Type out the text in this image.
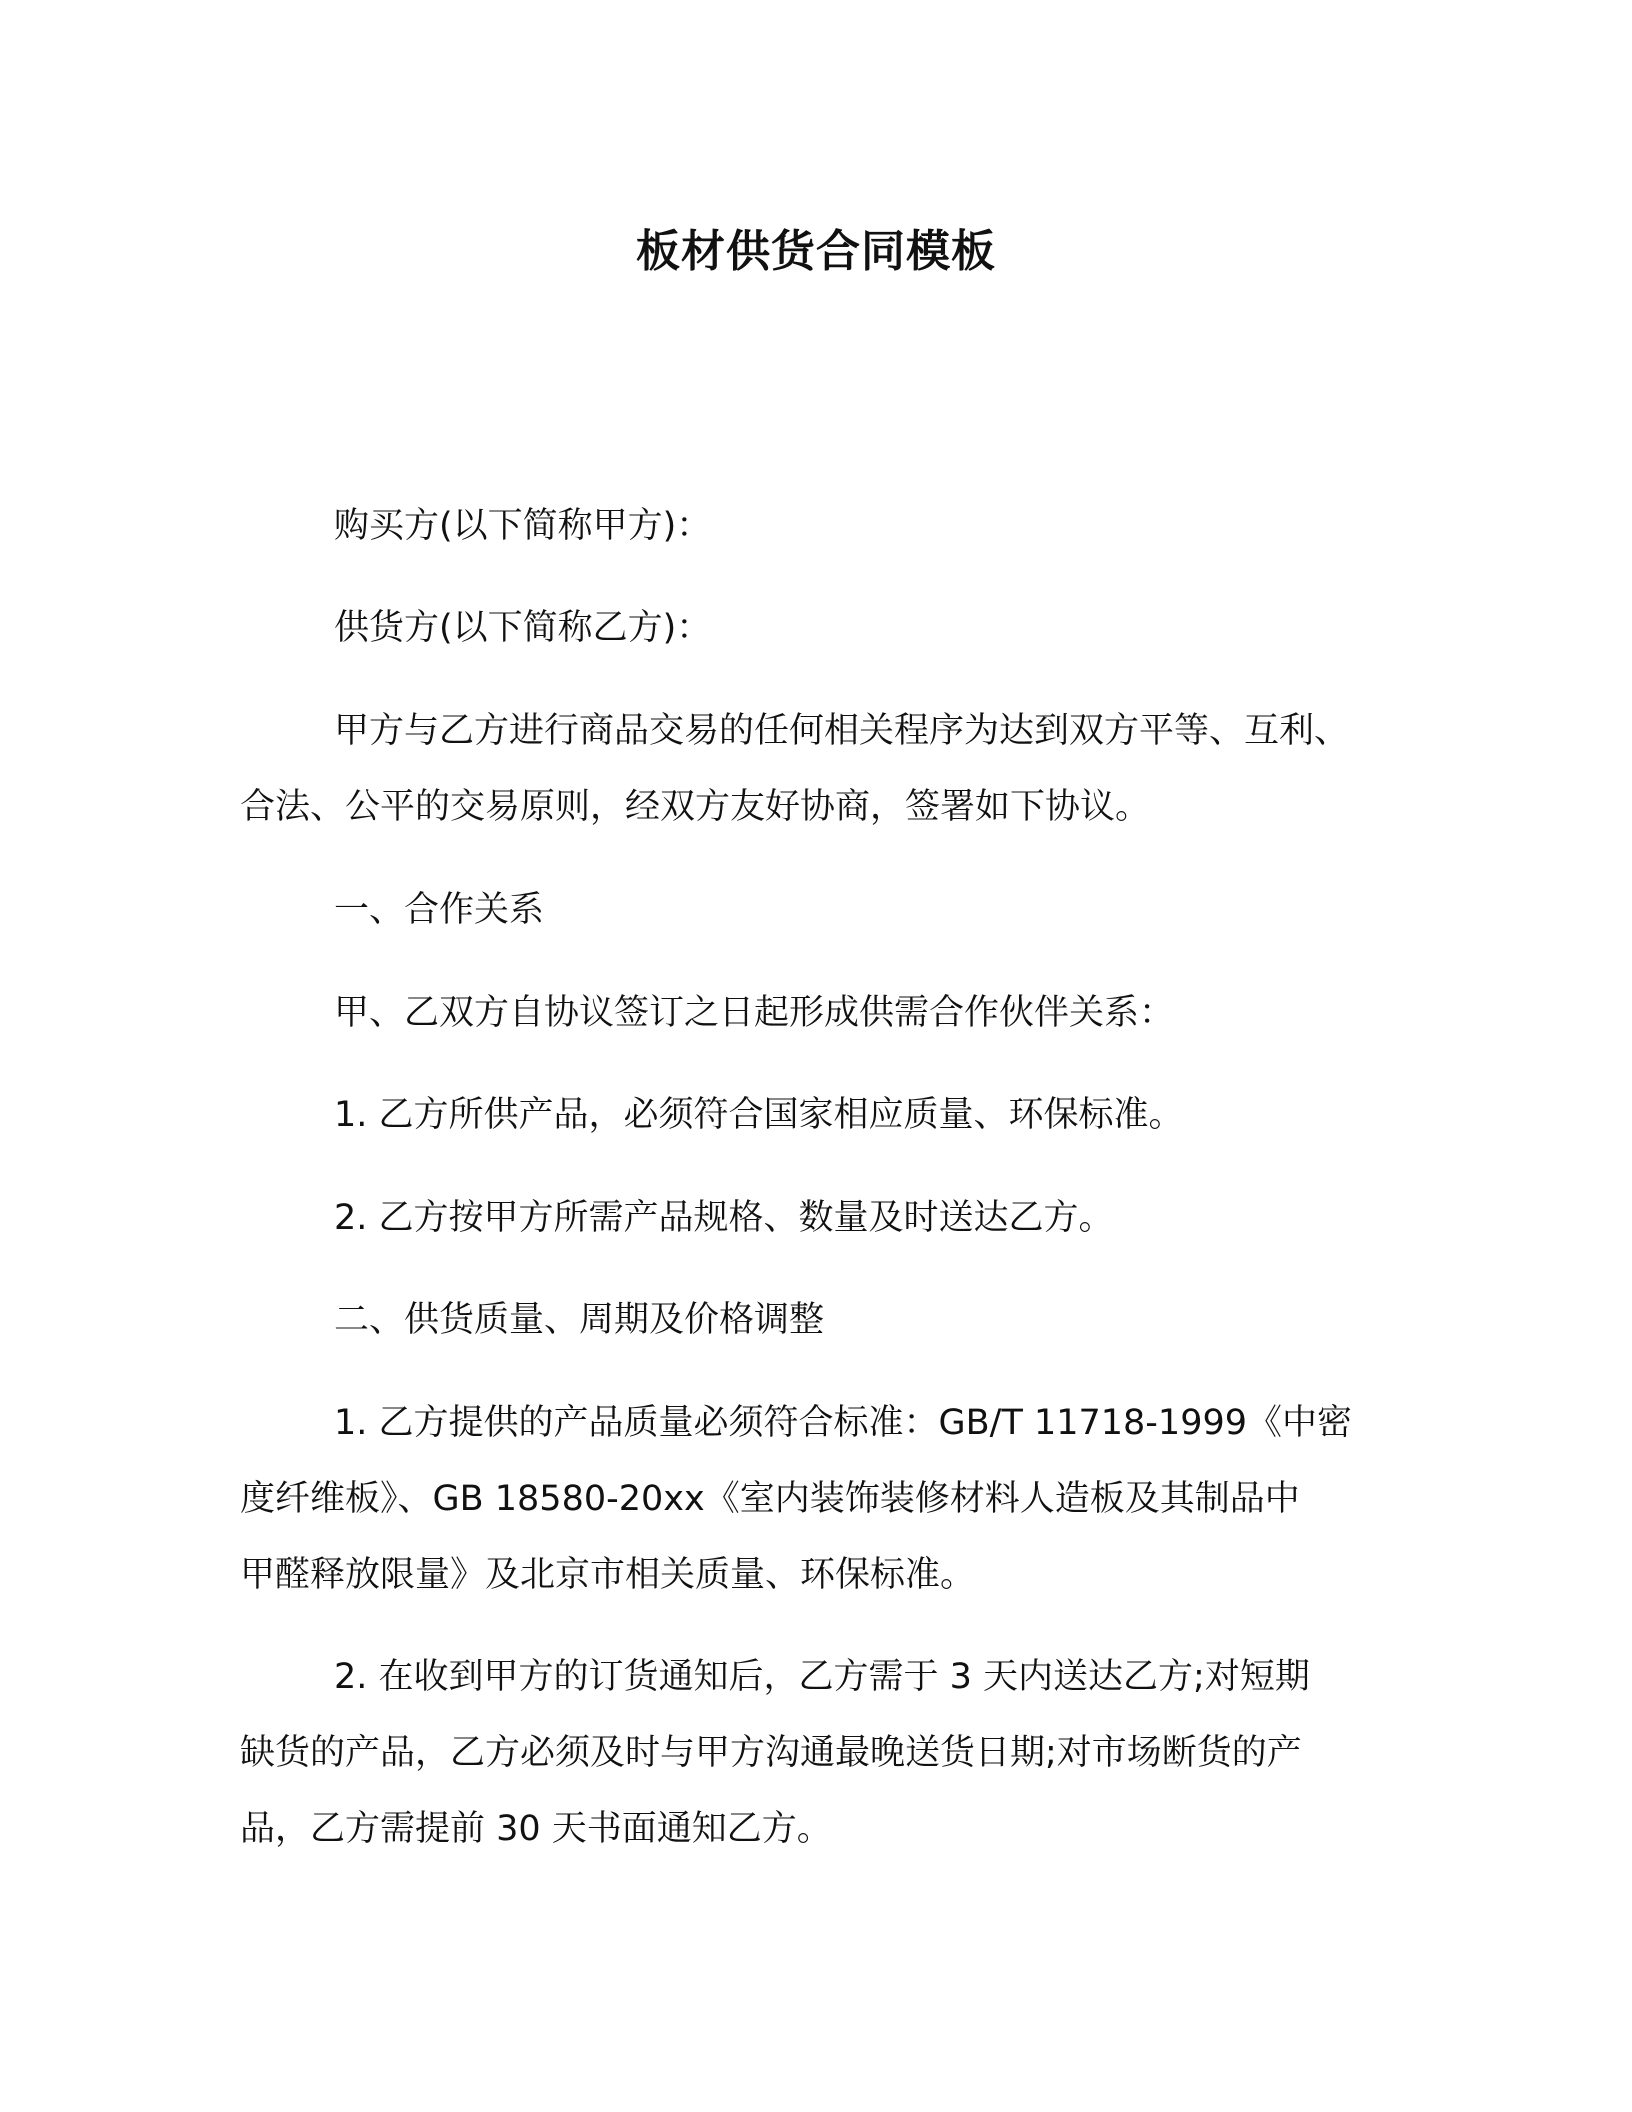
板材供货合同模板
购买方(以下简称甲方)：
供货方(以下简称乙方)：
甲方与乙方进行商品交易的任何相关程序为达到双方平等、互利、
合法、公平的交易原则，经双方友好协商，签署如下协议。
一、合作关系
甲、乙双方自协议签订之日起形成供需合作伙伴关系：
1. 乙方所供产品，必须符合国家相应质量、环保标准。
2. 乙方按甲方所需产品规格、数量及时送达乙方。
二、供货质量、周期及价格调整
1. 乙方提供的产品质量必须符合标准：GB/T 11718-1999《中密
度纤维板》、GB 18580-20xx《室内装饰装修材料人造板及其制品中
甲醛释放限量》及北京市相关质量、环保标准。
2. 在收到甲方的订货通知后，乙方需于 3 天内送达乙方;对短期
缺货的产品，乙方必须及时与甲方沟通最晚送货日期;对市场断货的产
品，乙方需提前 30 天书面通知乙方。
